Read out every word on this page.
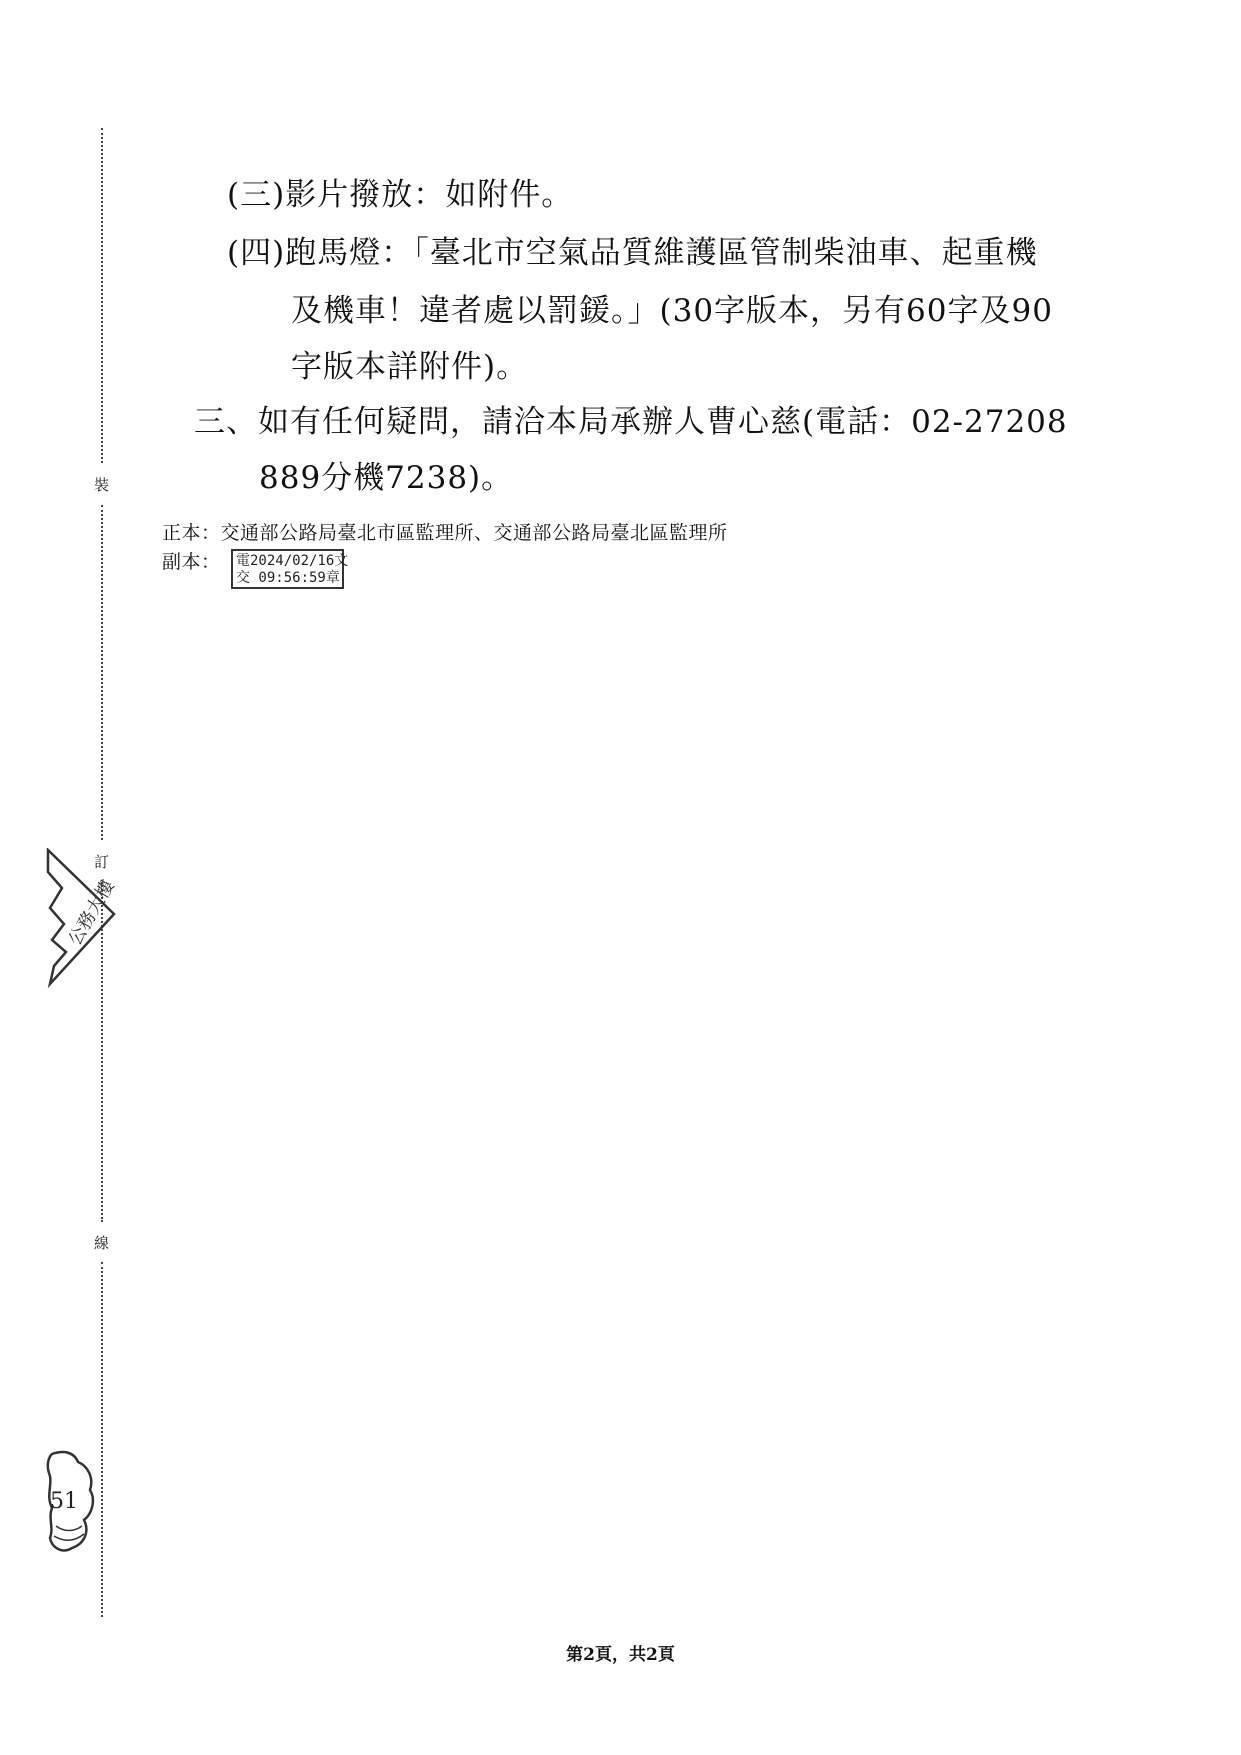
裝
訂
線
(三)影片撥放：如附件。
(四)跑馬燈：「臺北市空氣品質維護區管制柴油車、起重機
及機車！違者處以罰鍰。」(30字版本，另有60字及90
字版本詳附件)。
三、如有任何疑問，請洽本局承辦人曹心慈(電話：02-27208
889分機7238)。
正本：交通部公路局臺北市區監理所、交通部公路局臺北區監理所
副本： 電2024/02/16文
交 09:56:59章
公務大樓
51
第2頁，共2頁
